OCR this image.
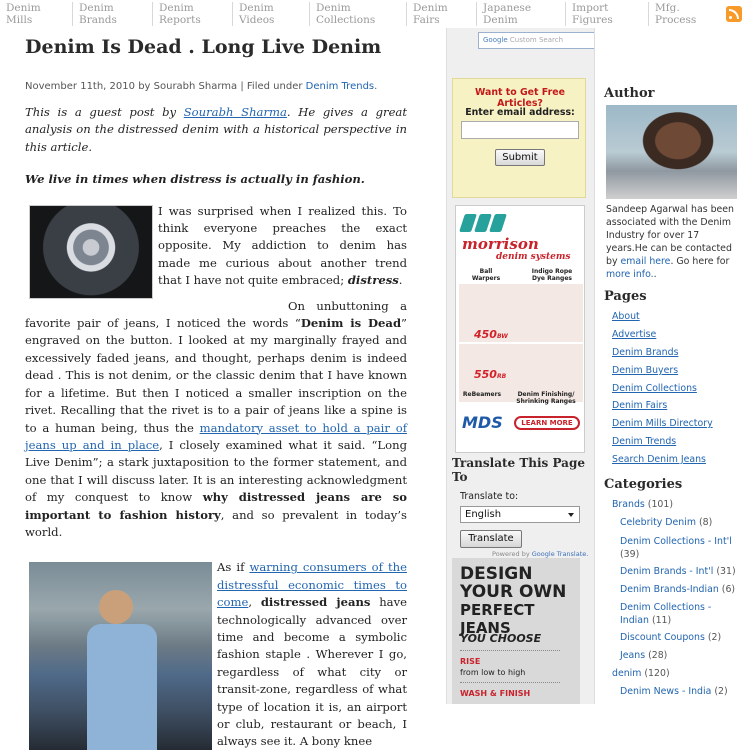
Denim
Mills
Denim
Brands
Denim
Reports
Denim
Videos
Denim
Collections
Denim
Fairs
Japanese
Denim
Import
Figures
Mfg.
Process
Denim Is Dead . Long Live Denim
November 11th, 2010 by Sourabh Sharma | Filed under Denim Trends.
This is a guest post by Sourabh Sharma. He gives a great analysis on the distressed denim with a historical perspective in this article.
We live in times when distress is actually in fashion.
I was surprised when I realized this. To think everyone preaches the exact opposite. My addiction to denim has made me curious about another trend that I have not quite embraced; distress.
On unbuttoning a favorite pair of jeans, I noticed the words “Denim is Dead” engraved on the button. I looked at my marginally frayed and excessively faded jeans, and thought, perhaps denim is indeed dead . This is not denim, or the classic denim that I have known for a lifetime. But then I noticed a smaller inscription on the rivet. Recalling that the rivet is to a pair of jeans like a spine is to a human being, thus the mandatory asset to hold a pair of jeans up and in place, I closely examined what it said. “Long Live Denim”; a stark juxtaposition to the former statement, and one that I will discuss later. It is an interesting acknowledgment of my conquest to know why distressed jeans are so important to fashion history, and so prevalent in today’s world.
As if warning consumers of the distressful economic times to come, distressed jeans have technologically advanced over time and become a symbolic fashion staple . Wherever I go, regardless of what city or transit-zone, regardless of what type of location it is, an airport or club, restaurant or beach, I always see it. A bony knee
Google Custom Search
Want to Get Free Articles?
Enter email address:
Submit
morrison
denim systems
Ball
Warpers
Indigo Rope
Dye Ranges
450BW
550RB
ReBeamers	Denim Finishing/
Shrinking Ranges
MDS	LEARN MORE
Translate This Page To
Translate to:
English
Translate
Powered by Google Translate.
DESIGN
YOUR OWN
PERFECT JEANS
YOU CHOOSE
RISE
from low to high
WASH & FINISH
Author
Sandeep Agarwal has been associated with the Denim Industry for over 17 years.He can be contacted by email here. Go here for more info..
Pages
About
Advertise
Denim Brands
Denim Buyers
Denim Collections
Denim Fairs
Denim Mills Directory
Denim Trends
Search Denim Jeans
Categories
Brands (101)
Celebrity Denim (8)
Denim Collections - Int'l (39)
Denim Brands - Int'l (31)
Denim Brands-Indian (6)
Denim Collections -Indian (11)
Discount Coupons (2)
Jeans (28)
denim (120)
Denim News - India (2)
